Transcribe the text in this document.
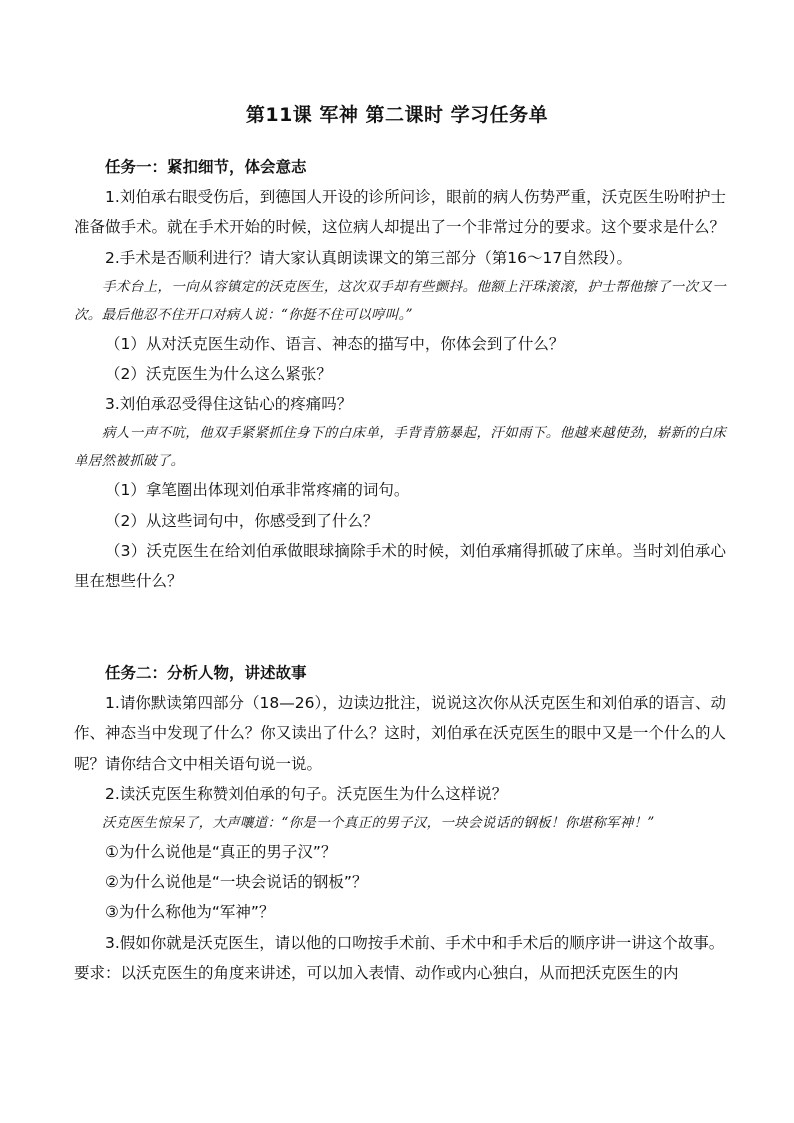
第11课 军神 第二课时 学习任务单

任务一：紧扣细节，体会意志

1.刘伯承右眼受伤后，到德国人开设的诊所问诊，眼前的病人伤势严重，沃克医生吩咐护士准备做手术。就在手术开始的时候，这位病人却提出了一个非常过分的要求。这个要求是什么？

2.手术是否顺利进行？请大家认真朗读课文的第三部分（第16～17自然段）。

手术台上，一向从容镇定的沃克医生，这次双手却有些颤抖。他额上汗珠滚滚，护士帮他擦了一次又一次。最后他忍不住开口对病人说：“你挺不住可以哼叫。”

（1）从对沃克医生动作、语言、神态的描写中，你体会到了什么？

（2）沃克医生为什么这么紧张？

3.刘伯承忍受得住这钻心的疼痛吗？

病人一声不吭，他双手紧紧抓住身下的白床单，手背青筋暴起，汗如雨下。他越来越使劲，崭新的白床单居然被抓破了。

（1）拿笔圈出体现刘伯承非常疼痛的词句。

（2）从这些词句中，你感受到了什么？

（3）沃克医生在给刘伯承做眼球摘除手术的时候，刘伯承痛得抓破了床单。当时刘伯承心里在想些什么？

任务二：分析人物，讲述故事

1.请你默读第四部分（18—26），边读边批注，说说这次你从沃克医生和刘伯承的语言、动作、神态当中发现了什么？你又读出了什么？这时，刘伯承在沃克医生的眼中又是一个什么的人呢？请你结合文中相关语句说一说。

2.读沃克医生称赞刘伯承的句子。沃克医生为什么这样说？

沃克医生惊呆了，大声嚷道：“你是一个真正的男子汉，一块会说话的钢板！你堪称军神！”

①为什么说他是“真正的男子汉”？

②为什么说他是“一块会说话的钢板”？

③为什么称他为“军神”？

3.假如你就是沃克医生，请以他的口吻按手术前、手术中和手术后的顺序讲一讲这个故事。

要求：以沃克医生的角度来讲述，可以加入表情、动作或内心独白，从而把沃克医生的内
